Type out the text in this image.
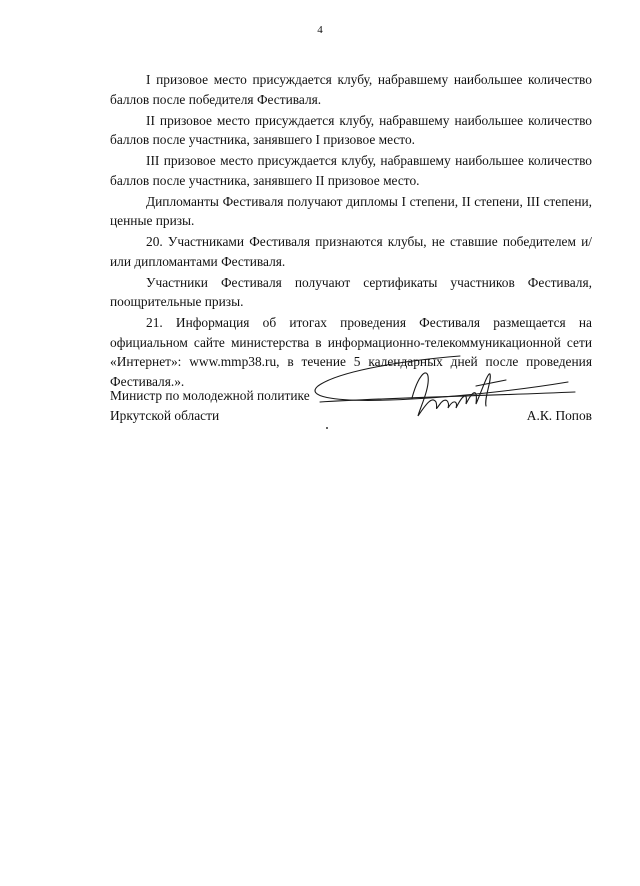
4

I призовое место присуждается клубу, набравшему наибольшее количество баллов после победителя Фестиваля.

II призовое место присуждается клубу, набравшему наибольшее количество баллов после участника, занявшего I призовое место.

III призовое место присуждается клубу, набравшему наибольшее количество баллов после участника, занявшего II призовое место.

Дипломанты Фестиваля получают дипломы I степени, II степени, III степени, ценные призы.

20. Участниками Фестиваля признаются клубы, не ставшие победителем и/или дипломантами Фестиваля.

Участники Фестиваля получают сертификаты участников Фестиваля, поощрительные призы.

21. Информация об итогах проведения Фестиваля размещается на официальном сайте министерства в информационно-телекоммуникационной сети «Интернет»: www.mmp38.ru, в течение 5 календарных дней после проведения Фестиваля.».

Министр по молодежной политике
Иркутской области	А.К. Попов
